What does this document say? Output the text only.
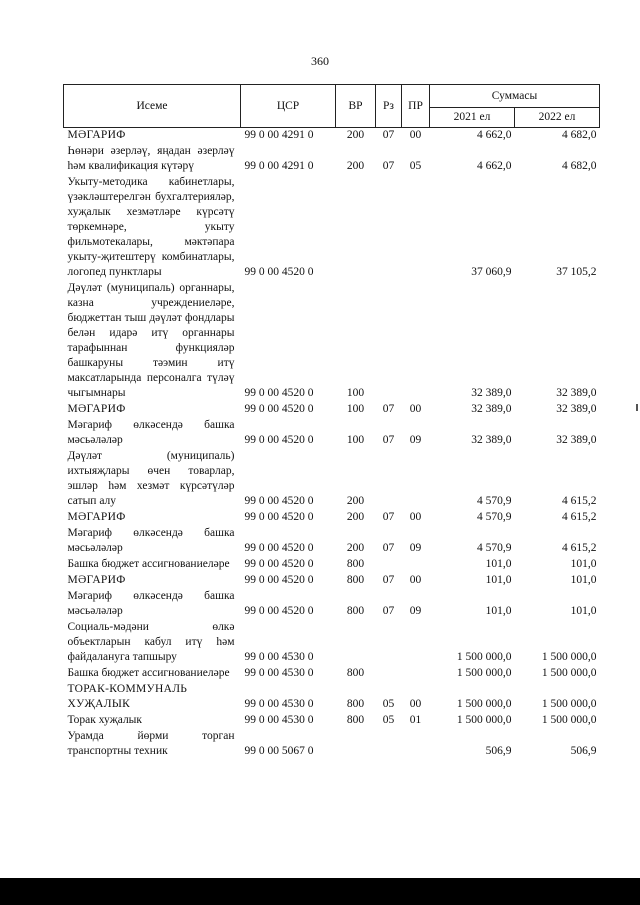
360
Исеме	ЦСР	ВР	Рз	ПР	Суммасы	
					2021 ел	2022 ел
МӘГАРИФ	99 0 00 4291 0	200	07	00	4 662,0	4 682,0
Һөнәри әзерләү, яңадан әзерләү һәм квалификация күтәрү	99 0 00 4291 0	200	07	05	4 662,0	4 682,0
Укыту-методика кабинетлары, үзәкләштерелгән бухгалтерияләр, хуҗалык хезмәтләре күрсәтү төркемнәре, укыту фильмотекалары, мәктәпара укыту-җитештерү комбинатлары, логопед пунктлары	99 0 00 4520 0				37 060,9	37 105,2
Дәүләт (муниципаль) органнары, казна учреждениеләре, бюджеттан тыш дәүләт фондлары белән идарә итү органнары тарафыннан функцияләр башкаруны тәэмин итү максатларында персоналга түләү чыгымнары	99 0 00 4520 0	100			32 389,0	32 389,0
МӘГАРИФ	99 0 00 4520 0	100	07	00	32 389,0	32 389,0
Мәгариф өлкәсендә башка мәсьәләләр	99 0 00 4520 0	100	07	09	32 389,0	32 389,0
Дәүләт (муниципаль) ихтыяҗлары өчен товарлар, эшләр һәм хезмәт күрсәтүләр сатып алу	99 0 00 4520 0	200			4 570,9	4 615,2
МӘГАРИФ	99 0 00 4520 0	200	07	00	4 570,9	4 615,2
Мәгариф өлкәсендә башка мәсьәләләр	99 0 00 4520 0	200	07	09	4 570,9	4 615,2
Башка бюджет ассигнованиеләре	99 0 00 4520 0	800			101,0	101,0
МӘГАРИФ	99 0 00 4520 0	800	07	00	101,0	101,0
Мәгариф өлкәсендә башка мәсьәләләр	99 0 00 4520 0	800	07	09	101,0	101,0
Социаль-мәдәни өлкә объектларын кабул итү һәм файдалануга тапшыру	99 0 00 4530 0				1 500 000,0	1 500 000,0
Башка бюджет ассигнованиеләре	99 0 00 4530 0	800			1 500 000,0	1 500 000,0
ТОРАК-КОММУНАЛЬ ХУҖАЛЫК	99 0 00 4530 0	800	05	00	1 500 000,0	1 500 000,0
Торак хуҗалык	99 0 00 4530 0	800	05	01	1 500 000,0	1 500 000,0
Урамда йөрми торган транспортны техник	99 0 00 5067 0				506,9	506,9
